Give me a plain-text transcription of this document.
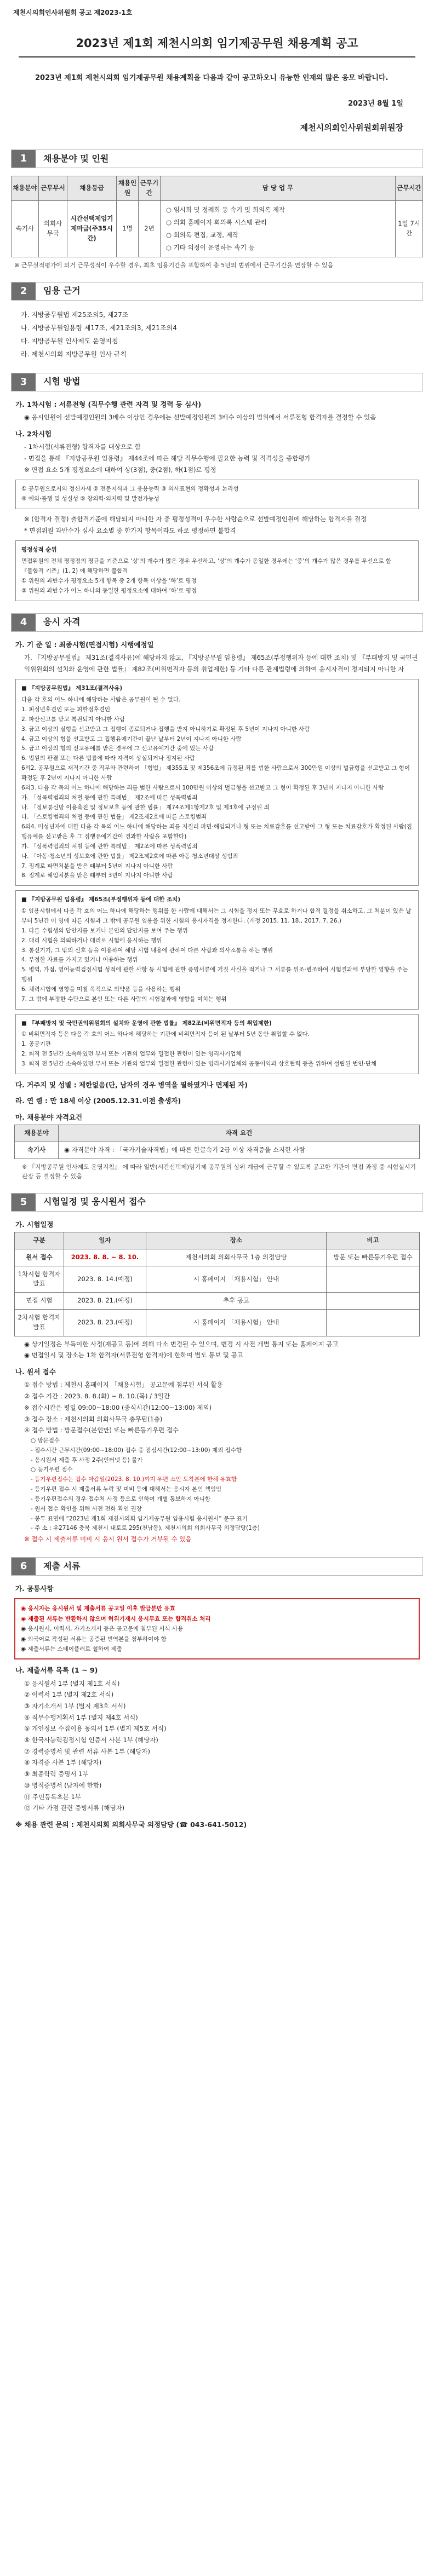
제천시의회인사위원회 공고 제2023-1호
2023년 제1회 제천시의회 임기제공무원 채용계획 공고
2023년 제1회 제천시의회 임기제공무원 채용계획을 다음과 같이 공고하오니 유능한 인재의 많은 응모 바랍니다.
2023년 8월 1일
제천시의회인사위원회위원장
1	채용분야 및 인원
채용분야	근무부서	채용등급	채용인원	근무기간	담 당 업 무	근무시간
속기사	의회사무국	시간선택제임기제마급(주35시간)	1명	2년	○ 임시회 및 정례회 등 속기 및 회의록 제작
○ 의회 홈페이지 회의록 시스템 관리
○ 회의록 편집, 교정, 제작
○ 기타 의정이 운영하는 속기 등	1일 7시간
※ 근무실적평가에 의거 근무성적이 우수할 경우, 최초 임용기간을 포함하여 총 5년의 범위에서 근무기간을 연장할 수 있음
2	임용 근거
가. 지방공무원법 제25조의5, 제27조
나. 지방공무원임용령 제17조, 제21조의3, 제21조의4
다. 지방공무원 인사제도 운영지침
라. 제천시의회 지방공무원 인사 규칙
3	시험 방법
가. 1차시험 : 서류전형 (직무수행 관련 자격 및 경력 등 심사)
◉ 응시인원이 선발예정인원의 3배수 이상인 경우에는 선발예정인원의 3배수 이상의 범위에서 서류전형 합격자를 결정할 수 있음
나. 2차시험
- 1차시험(서류전형) 합격자를 대상으로 함
- 면접을 통해 『지방공무원 임용령』 제44조에 따른 해당 직무수행에 필요한 능력 및 적격성을 종합평가
※ 면접 요소 5개 평정요소에 대하여 상(3점), 중(2점), 하(1점)로 평정
① 공무원으로서의 정신자세 ② 전문지식과 그 응용능력 ③ 의사표현의 정확성과 논리성
④ 예의·품행 및 성실성 ⑤ 창의력·의지력 및 발전가능성
※ (합격자 결정) 출합격기준에 해당되지 아니한 자 중 평정성적이 우수한 사람순으로 선발예정인원에 해당하는 합격자를 결정
* 면접위원 과반수가 심사 요소별 중 한가지 항목이라도 하로 평정하면 불합격
평정성적 순위
면접위원의 전체 평정점의 평균을 기준으로 ‘상’의 개수가 많은 경우 우선하고, ‘상’의 개수가 동일한 경우에는 ‘중’의 개수가 많은 경우를 우선으로 함
『불합격 기준』(1, 2) 에 해당하면 불합격
① 위원의 과반수가 평정요소 5개 항목 중 2개 항목 이상을 ‘하’로 평정
② 위원의 과반수가 어느 하나의 동일한 평정요소에 대하여 ‘하’로 평정
4	응시 자격
가. 기 준 일 : 최종시험(면접시험) 시행예정일
가. 『지방공무원법』 제31조(결격사유)에 해당하지 않고, 『지방공무원 임용령』 제65조(부정행위자 등에 대한 조치) 및 『부패방지 및 국민권익위원회의 설치와 운영에 관한 법률』 제82조(비위면직자 등의 취업제한) 등 기타 다른 관계법령에 의하여 응시자격이 정지되지 아니한 자
■ 『지방공무원법』 제31조(결격사유)
다음 각 호의 어느 하나에 해당하는 사람은 공무원이 될 수 없다.
1. 피성년후견인 또는 피한정후견인
2. 파산선고를 받고 복권되지 아니한 사람
3. 금고 이상의 실형을 선고받고 그 집행이 종료되거나 집행을 받지 아니하기로 확정된 후 5년이 지나지 아니한 사람
4. 금고 이상의 형을 선고받고 그 집행유예기간이 끝난 날부터 2년이 지나지 아니한 사람
5. 금고 이상의 형의 선고유예를 받은 경우에 그 선고유예기간 중에 있는 사람
6. 법원의 판결 또는 다른 법률에 따라 자격이 상실되거나 정지된 사람
6의2. 공무원으로 재직기간 중 직무와 관련하여 「형법」 제355조 및 제356조에 규정된 죄를 범한 사람으로서 300만원 이상의 벌금형을 선고받고 그 형이 확정된 후 2년이 지나지 아니한 사람
6의3. 다음 각 목의 어느 하나에 해당하는 죄를 범한 사람으로서 100만원 이상의 벌금형을 선고받고 그 형이 확정된 후 3년이 지나지 아니한 사람
가. 「성폭력범죄의 처벌 등에 관한 특례법」 제2조에 따른 성폭력범죄
나. 「정보통신망 이용촉진 및 정보보호 등에 관한 법률」 제74조제1항제2호 및 제3호에 규정된 죄
다. 「스토킹범죄의 처벌 등에 관한 법률」 제2조제2호에 따른 스토킹범죄
6의4. 미성년자에 대한 다음 각 목의 어느 하나에 해당하는 죄를 저질러 파면·해임되거나 형 또는 치료감호를 선고받아 그 형 또는 치료감호가 확정된 사람(집행유예를 선고받은 후 그 집행유예기간이 경과한 사람을 포함한다)
가. 「성폭력범죄의 처벌 등에 관한 특례법」 제2조에 따른 성폭력범죄
나. 「아동·청소년의 성보호에 관한 법률」 제2조제2호에 따른 아동·청소년대상 성범죄
7. 징계로 파면처분을 받은 때부터 5년이 지나지 아니한 사람
8. 징계로 해임처분을 받은 때부터 3년이 지나지 아니한 사람
■ 『지방공무원 임용령』 제65조(부정행위자 등에 대한 조치)
① 임용시험에서 다음 각 호의 어느 하나에 해당하는 행위를 한 사람에 대해서는 그 시험을 정지 또는 무효로 하거나 합격 결정을 취소하고, 그 처분이 있은 날부터 5년간 이 영에 따른 시험과 그 밖에 공무원 임용을 위한 시험의 응시자격을 정지한다. (개정 2015. 11. 18., 2017. 7. 26.)
1. 다른 수험생의 답안지를 보거나 본인의 답안지를 보여 주는 행위
2. 대리 시험을 의뢰하거나 대리로 시험에 응시하는 행위
3. 통신기기, 그 밖의 신호 등을 이용하여 해당 시험 내용에 관하여 다른 사람과 의사소통을 하는 행위
4. 부정한 자료를 가지고 있거나 이용하는 행위
5. 병역, 가점, 영어능력검정시험 성적에 관한 사항 등 시험에 관한 증명서류에 거짓 사실을 적거나 그 서류를 위조·변조하여 시험결과에 부당한 영향을 주는 행위
6. 체력시험에 영향을 미칠 목적으로 의약품 등을 사용하는 행위
7. 그 밖에 부정한 수단으로 본인 또는 다른 사람의 시험결과에 영향을 미치는 행위
■ 『부패방지 및 국민권익위원회의 설치와 운영에 관한 법률』 제82조(비위면직자 등의 취업제한)
① 비위면직자 등은 다음 각 호의 어느 하나에 해당하는 기관에 비위면직자 등이 된 날부터 5년 동안 취업할 수 없다.
1. 공공기관
2. 퇴직 전 5년간 소속하였던 부서 또는 기관의 업무와 밀접한 관련이 있는 영리사기업체
3. 퇴직 전 5년간 소속하였던 부서 또는 기관의 업무와 밀접한 관련이 있는 영리사기업체의 공동이익과 상호협력 등을 위하여 설립된 법인·단체
다. 거주지 및 성별 : 제한없음(단, 남자의 경우 병역을 필하였거나 면제된 자)
라. 연 령 : 만 18세 이상 (2005.12.31.이전 출생자)
마. 채용분야 자격요건
채용분야	자격 요건
속기사	◉ 자격분야 자격 : 「국가기술자격법」에 따른 한글속기 2급 이상 자격증을 소지한 사람
※ 『지방공무원 인사제도 운영지침』 에 따라 일반(시간선택제)임기제 공무원의 상위 계급에 근무할 수 있도록 공고한 기관이 면접 과정 중 시험실시기관장 등 결정할 수 있음
5	시험일정 및 응시원서 접수
가. 시험일정
구분	일자	장소	비고
원서 접수	2023. 8. 8. ~ 8. 10.	제천시의회 의회사무국 1층 의정담당	방문 또는 빠른등기우편 접수
1차시험 합격자발표	2023. 8. 14.(예정)	시 홈페이지 「채용시험」 안내	
면접 시험	2023. 8. 21.(예정)	추후 공고	
2차시험 합격자발표	2023. 8. 23.(예정)	시 홈페이지 「채용시험」 안내	
◉ 상기일정은 부득이한 사정(재공고 등)에 의해 다소 변경될 수 있으며, 변경 시 사전 개별 통지 또는 홈페이지 공고
◉ 면접일시 및 장소는 1차 합격자(서류전형 합격자)에 한하여 별도 통보 및 공고
나. 원서 접수
① 접수 방법 : 제천시 홈페이지 「채용시험」 공고문에 첨부된 서식 활용
② 접수 기간 : 2023. 8. 8.(화) ~ 8. 10.(목) / 3일간
※ 접수시간은 평일 09:00~18:00 (중식시간(12:00~13:00) 제외)
③ 접수 장소 : 제천시의회 의회사무국 총무팀(1층)
④ 접수 방법 : 방문접수(본인만) 또는 빠른등기우편 접수
○ 방문접수
- 접수시간 근무시간(09:00~18:00) 접수 중 점심시간(12:00~13:00) 제외 접수함
- 응시원서 제출 후 사정 2주(인터넷 등) 불가
○ 등기우편 접수
- 등기우편접수는 접수 마감일(2023. 8. 10.)까지 우편 소인 도착분에 한해 유효함
- 등기우편 접수 시 제출서류 누락 및 미비 등에 대해서는 응시자 본인 책임임
- 등기우편접수의 경우 접수처 사정 등으로 인하여 개별 통보하지 아니함
- 원서 접수 확인을 위해 사전 전화 확인 권장
- 봉투 표면에 “2023년 제1회 제천시의회 임기제공무원 임용시험 응시원서” 문구 표기
- 주 소 : 우27146 충북 제천시 내토로 295(천남동), 제천시의회 의회사무국 의정담당(1층)
※ 접수 시 제출서류 미비 시 응시 원서 접수가 거부될 수 있음
6	제출 서류
가. 공통사항
◉ 응시자는 응시원서 및 제출서류 공고일 이후 발급분만 유효
◉ 제출된 서류는 반환하지 않으며 허위기재시 응시무효 또는 합격취소 처리
◉ 응시원서, 이력서, 자기소개서 등은 공고문에 첨부된 서식 사용
◉ 외국어로 작성된 서류는 공증된 번역본을 첨부하여야 함
◉ 제출서류는 스테이플러로 철하여 제출
나. 제출서류 목록 (1 ~ 9)
① 응시원서 1부 (별지 제1호 서식)
② 이력서 1부 (별지 제2호 서식)
③ 자기소개서 1부 (별지 제3호 서식)
④ 직무수행계획서 1부 (별지 제4호 서식)
⑤ 개인정보 수집이용 동의서 1부 (별지 제5호 서식)
⑥ 한국사능력검정시험 인증서 사본 1부 (해당자)
⑦ 경력증명서 및 관련 서류 사본 1부 (해당자)
⑧ 자격증 사본 1부 (해당자)
⑨ 최종학력 증명서 1부
⑩ 병적증명서 (남자에 한함)
⑪ 주민등록초본 1부
⑫ 기타 가점 관련 증빙서류 (해당자)
※ 채용 관련 문의 : 제천시의회 의회사무국 의정담당 (☎ 043-641-5012)
